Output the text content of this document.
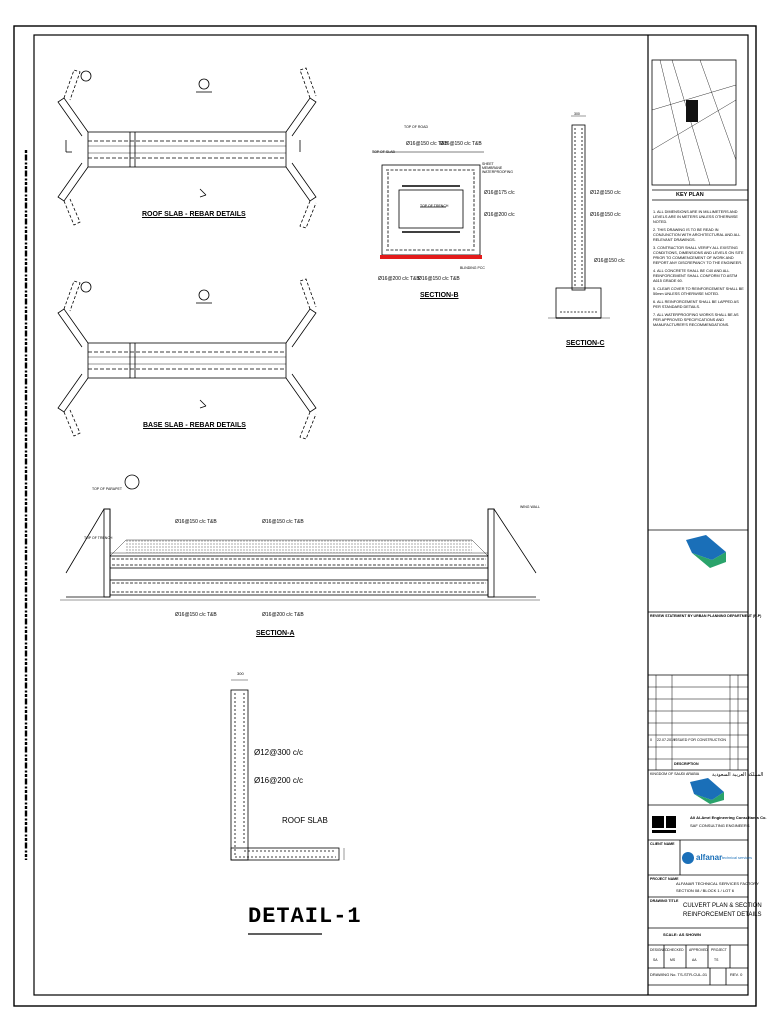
ROOF SLAB - REBAR DETAILS
BASE SLAB - REBAR DETAILS
SECTION-B
SECTION-C
SECTION-A
DETAIL-1
Ø16@150 c/c T&B
Ø16@150 c/c T&B
Ø16@175 c/c
Ø16@200 c/c
Ø16@200 c/c T&B
Ø16@150 c/c T&B
TOP OF ROAD
TOP OF SLAB
TOP OF TRENCH
SHEET MEMBRANE WATERPROOFING
BLINDING PCC
Ø12@150 c/c
Ø16@150 c/c
Ø16@150 c/c
300
Ø16@150 c/c T&B	Ø16@150 c/c T&B
Ø16@150 c/c T&B	Ø16@200 c/c T&B
TOP OF TRENCH
TOP OF PARAPET
WING WALL
Ø12@300 c/c
Ø16@200 c/c
ROOF SLAB
300
KEY PLAN
1. ALL DIMENSIONS ARE IN MILLIMETERS AND LEVELS ARE IN METERS UNLESS OTHERWISE NOTED.
2. THIS DRAWING IS TO BE READ IN CONJUNCTION WITH ARCHITECTURAL AND ALL RELEVANT DRAWINGS.
3. CONTRACTOR SHALL VERIFY ALL EXISTING CONDITIONS, DIMENSIONS AND LEVELS ON SITE PRIOR TO COMMENCEMENT OF WORK AND REPORT ANY DISCREPANCY TO THE ENGINEER.
4. ALL CONCRETE SHALL BE C40 AND ALL REINFORCEMENT SHALL CONFORM TO ASTM A615 GRADE 60.
5. CLEAR COVER TO REINFORCEMENT SHALL BE 50mm UNLESS OTHERWISE NOTED.
6. ALL REINFORCEMENT SHALL BE LAPPED AS PER STANDARD DETAILS.
7. ALL WATERPROOFING WORKS SHALL BE AS PER APPROVED SPECIFICATIONS AND MANUFACTURER'S RECOMMENDATIONS.
REVIEW STATEMENT BY URBAN PLANNING DEPARTMENT (R.P)
0 22.07.2019 ISSUED FOR CONSTRUCTION
DESCRIPTION
KINGDOM OF SAUDI ARABIA	المملكة العربية السعودية
Ali Al-Amri Engineering Consultants Co.
SAF CONSULTING ENGINEERS
CLIENT NAME
alfanar technical services
PROJECT NAME
ALFANAR TECHNICAL SERVICES FACTORY
SECTION 08 / BLOCK 1 / LOT 6
DRAWING TITLE
CULVERT PLAN & SECTION
REINFORCEMENT DETAILS
SCALE: AS SHOWN
DESIGNED CHECKED APPROVED PROJECT
SA	MS	AA	TS
DRAWING No. TS-STR-CUL-01	REV. 0
